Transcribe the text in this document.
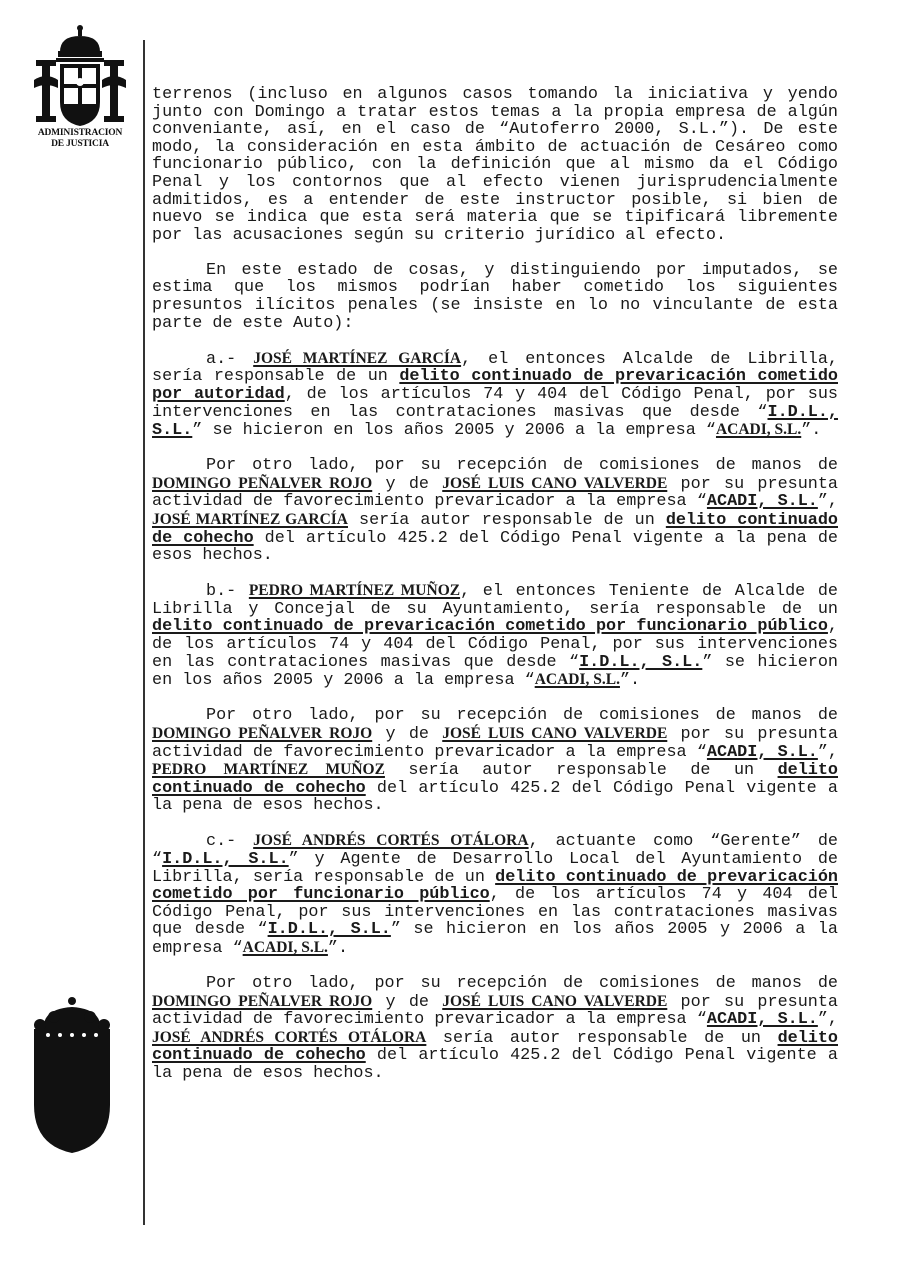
ADMINISTRACION
DE JUSTICIA

terrenos (incluso en algunos casos tomando la iniciativa y yendo junto con Domingo a tratar estos temas a la propia empresa de algún conveniante, así, en el caso de “Autoferro 2000, S.L.”). De este modo, la consideración en esta ámbito de actuación de Cesáreo como funcionario público, con la definición que al mismo da el Código Penal y los contornos que al efecto vienen jurisprudencialmente admitidos, es a entender de este instructor posible, si bien de nuevo se indica que esta será materia que se tipificará libremente por las acusaciones según su criterio jurídico al efecto.

En este estado de cosas, y distinguiendo por imputados, se estima que los mismos podrían haber cometido los siguientes presuntos ilícitos penales (se insiste en lo no vinculante de esta parte de este Auto):

a.- JOSÉ MARTÍNEZ GARCÍA, el entonces Alcalde de Librilla, sería responsable de un delito continuado de prevaricación cometido por autoridad, de los artículos 74 y 404 del Código Penal, por sus intervenciones en las contrataciones masivas que desde “I.D.L., S.L.” se hicieron en los años 2005 y 2006 a la empresa “ACADI, S.L.”.

Por otro lado, por su recepción de comisiones de manos de DOMINGO PEÑALVER ROJO y de JOSÉ LUIS CANO VALVERDE por su presunta actividad de favorecimiento prevaricador a la empresa “ACADI, S.L.”, JOSÉ MARTÍNEZ GARCÍA sería autor responsable de un delito continuado de cohecho del artículo 425.2 del Código Penal vigente a la pena de esos hechos.

b.- PEDRO MARTÍNEZ MUÑOZ, el entonces Teniente de Alcalde de Librilla y Concejal de su Ayuntamiento, sería responsable de un delito continuado de prevaricación cometido por funcionario público, de los artículos 74 y 404 del Código Penal, por sus intervenciones en las contrataciones masivas que desde “I.D.L., S.L.” se hicieron en los años 2005 y 2006 a la empresa “ACADI, S.L.”.

Por otro lado, por su recepción de comisiones de manos de DOMINGO PEÑALVER ROJO y de JOSÉ LUIS CANO VALVERDE por su presunta actividad de favorecimiento prevaricador a la empresa “ACADI, S.L.”, PEDRO MARTÍNEZ MUÑOZ sería autor responsable de un delito continuado de cohecho del artículo 425.2 del Código Penal vigente a la pena de esos hechos.

c.- JOSÉ ANDRÉS CORTÉS OTÁLORA, actuante como “Gerente” de “I.D.L., S.L.” y Agente de Desarrollo Local del Ayuntamiento de Librilla, sería responsable de un delito continuado de prevaricación cometido por funcionario público, de los artículos 74 y 404 del Código Penal, por sus intervenciones en las contrataciones masivas que desde “I.D.L., S.L.” se hicieron en los años 2005 y 2006 a la empresa “ACADI, S.L.”.

Por otro lado, por su recepción de comisiones de manos de DOMINGO PEÑALVER ROJO y de JOSÉ LUIS CANO VALVERDE por su presunta actividad de favorecimiento prevaricador a la empresa “ACADI, S.L.”, JOSÉ ANDRÉS CORTÉS OTÁLORA sería autor responsable de un delito continuado de cohecho del artículo 425.2 del Código Penal vigente a la pena de esos hechos.
